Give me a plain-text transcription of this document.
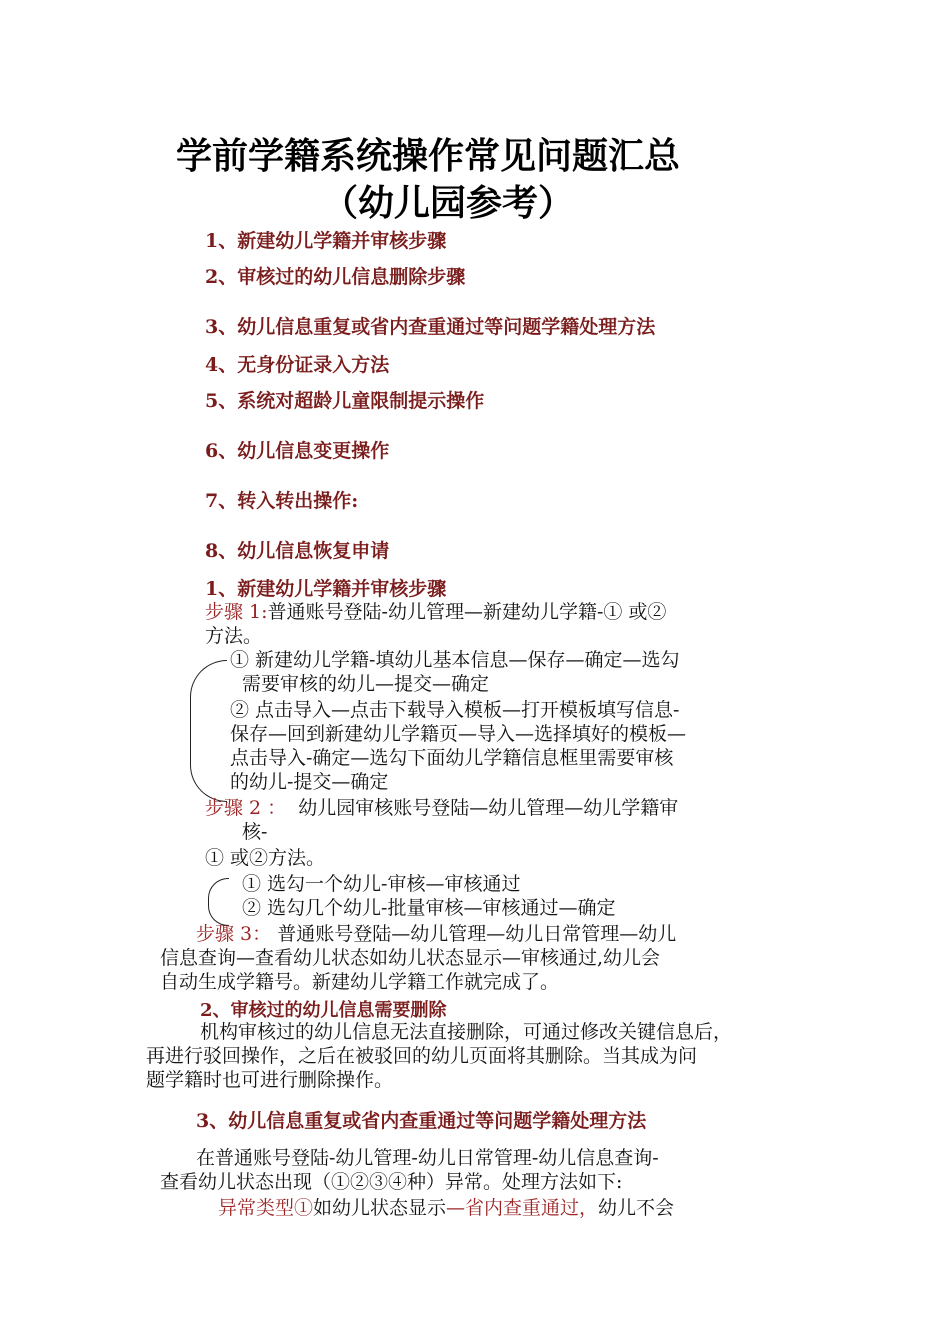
学前学籍系统操作常见问题汇总
（幼儿园参考）
1、新建幼儿学籍并审核步骤
2、审核过的幼儿信息删除步骤
3、幼儿信息重复或省内查重通过等问题学籍处理方法
4、无身份证录入方法
5、系统对超龄儿童限制提示操作
6、幼儿信息变更操作
7、转入转出操作:
8、幼儿信息恢复申请
1、新建幼儿学籍并审核步骤
步骤 1:普通账号登陆-幼儿管理—新建幼儿学籍-① 或②
方法。
① 新建幼儿学籍-填幼儿基本信息—保存—确定—选勾
需要审核的幼儿—提交—确定
② 点击导入—点击下载导入模板—打开模板填写信息-
保存—回到新建幼儿学籍页—导入—选择填好的模板—
点击导入-确定—选勾下面幼儿学籍信息框里需要审核
的幼儿-提交—确定
步骤 2 ： 幼儿园审核账号登陆—幼儿管理—幼儿学籍审
核-
① 或②方法。
① 选勾一个幼儿-审核—审核通过
② 选勾几个幼儿-批量审核—审核通过—确定
步骤 3： 普通账号登陆—幼儿管理—幼儿日常管理—幼儿
信息查询—查看幼儿状态如幼儿状态显示—审核通过,幼儿会
自动生成学籍号。新建幼儿学籍工作就完成了。
2、审核过的幼儿信息需要删除
机构审核过的幼儿信息无法直接删除，可通过修改关键信息后，
再进行驳回操作，之后在被驳回的幼儿页面将其删除。当其成为问
题学籍时也可进行删除操作。
3、幼儿信息重复或省内查重通过等问题学籍处理方法
在普通账号登陆-幼儿管理-幼儿日常管理-幼儿信息查询-
查看幼儿状态出现（①②③④种）异常。处理方法如下:
异常类型①如幼儿状态显示—省内查重通过，幼儿不会
